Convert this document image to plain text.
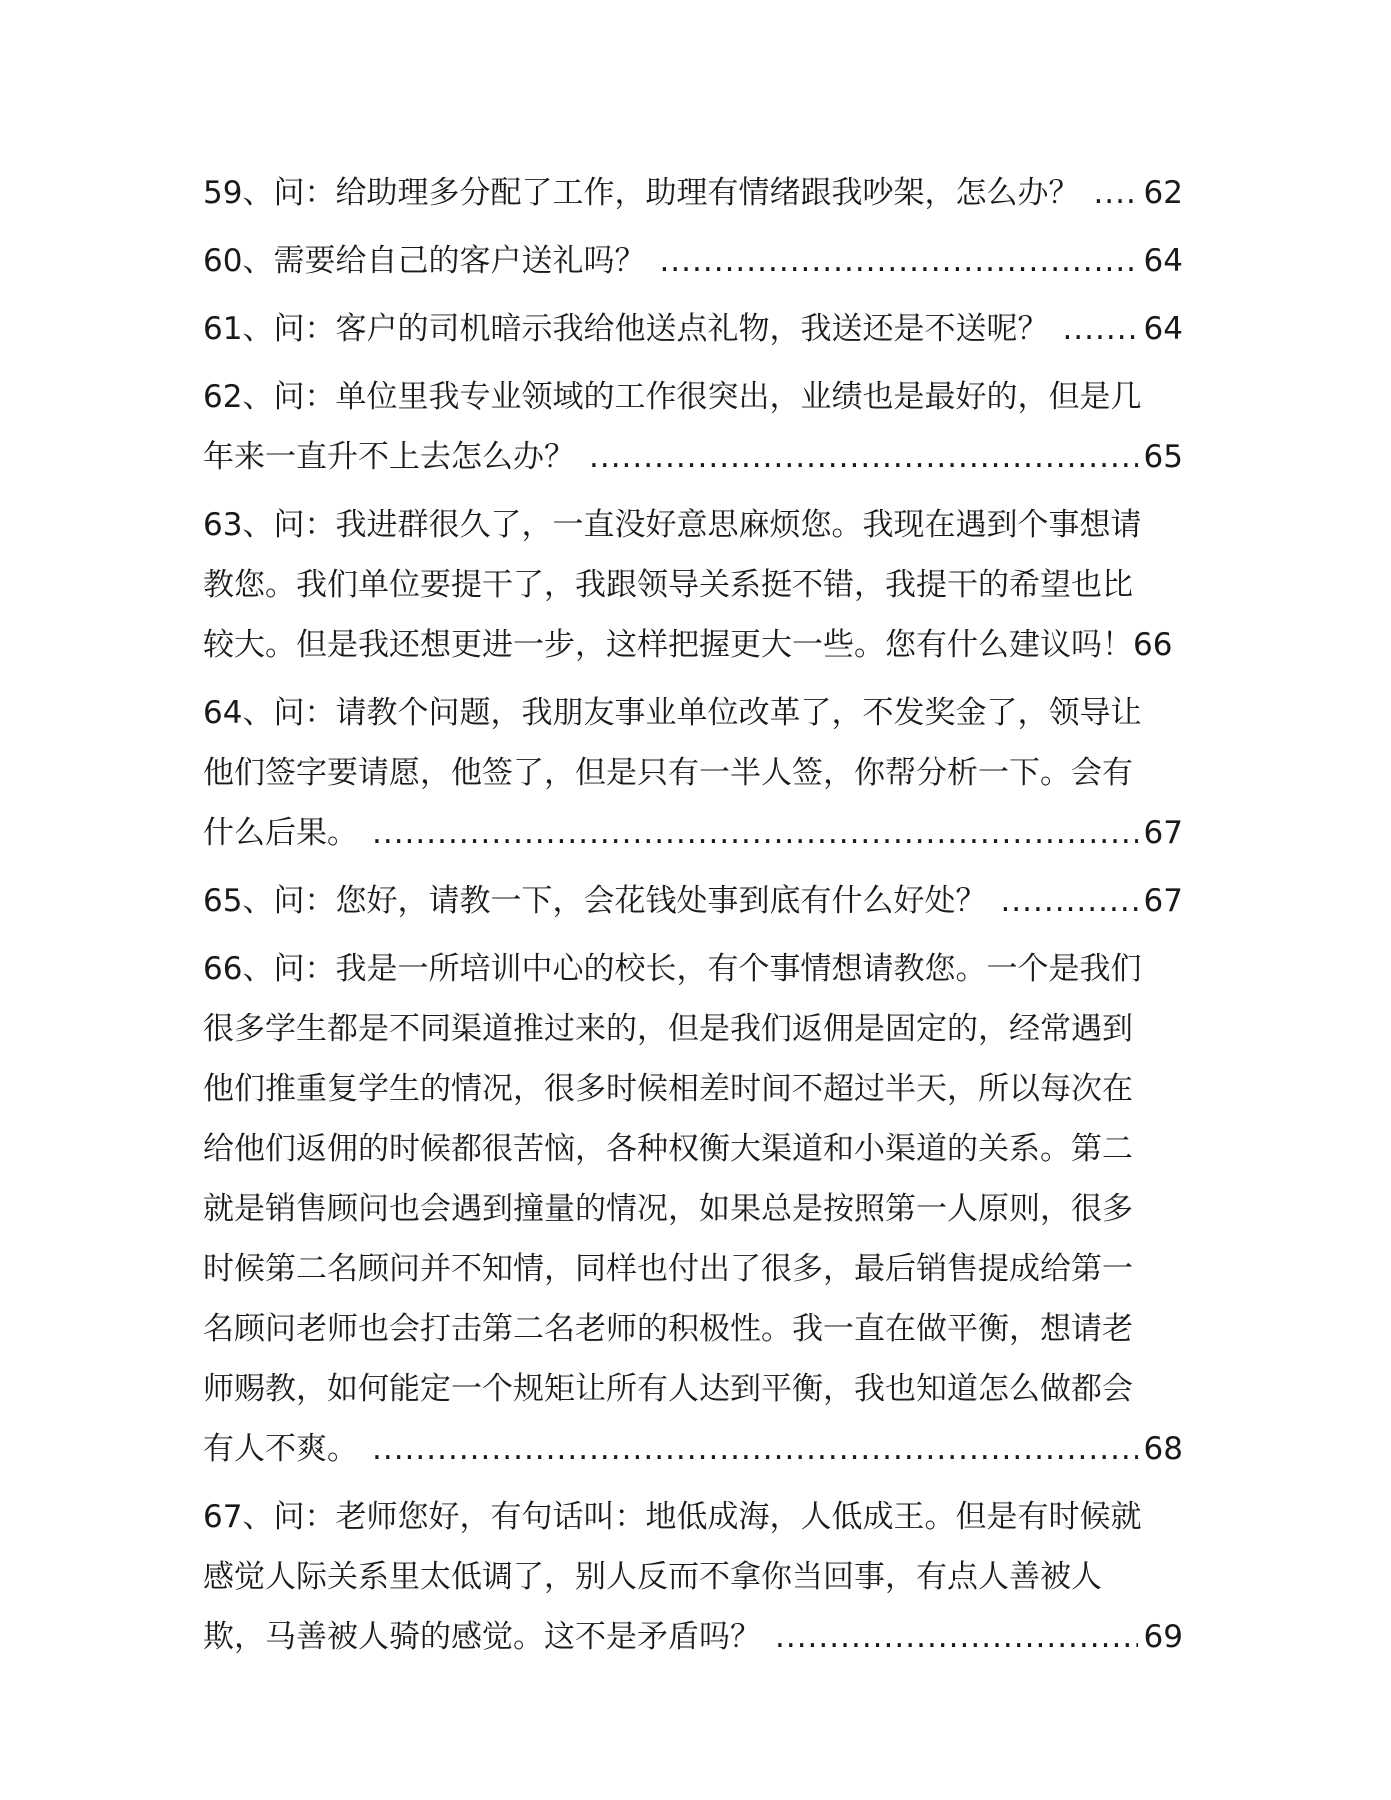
59、问：给助理多分配了工作，助理有情绪跟我吵架，怎么办？ ..... 62
60、需要给自己的客户送礼吗？ .....	64
61、问：客户的司机暗示我给他送点礼物，我送还是不送呢？ .....	64
62、问：单位里我专业领域的工作很突出，业绩也是最好的，但是几
年来一直升不上去怎么办？ .....	65
63、问：我进群很久了，一直没好意思麻烦您。我现在遇到个事想请
教您。我们单位要提干了，我跟领导关系挺不错，我提干的希望也比
较大。但是我还想更进一步，这样把握更大一些。您有什么建议吗！ 66
64、问：请教个问题，我朋友事业单位改革了，不发奖金了，领导让
他们签字要请愿，他签了，但是只有一半人签，你帮分析一下。会有
什么后果。 .....	67
65、问：您好，请教一下，会花钱处事到底有什么好处？ .....	67
66、问：我是一所培训中心的校长，有个事情想请教您。一个是我们
很多学生都是不同渠道推过来的，但是我们返佣是固定的，经常遇到
他们推重复学生的情况，很多时候相差时间不超过半天，所以每次在
给他们返佣的时候都很苦恼，各种权衡大渠道和小渠道的关系。第二
就是销售顾问也会遇到撞量的情况，如果总是按照第一人原则，很多
时候第二名顾问并不知情，同样也付出了很多，最后销售提成给第一
名顾问老师也会打击第二名老师的积极性。我一直在做平衡，想请老
师赐教，如何能定一个规矩让所有人达到平衡，我也知道怎么做都会
有人不爽。 .....	68
67、问：老师您好，有句话叫：地低成海，人低成王。但是有时候就
感觉人际关系里太低调了，别人反而不拿你当回事，有点人善被人
欺，马善被人骑的感觉。这不是矛盾吗？ .....	69
